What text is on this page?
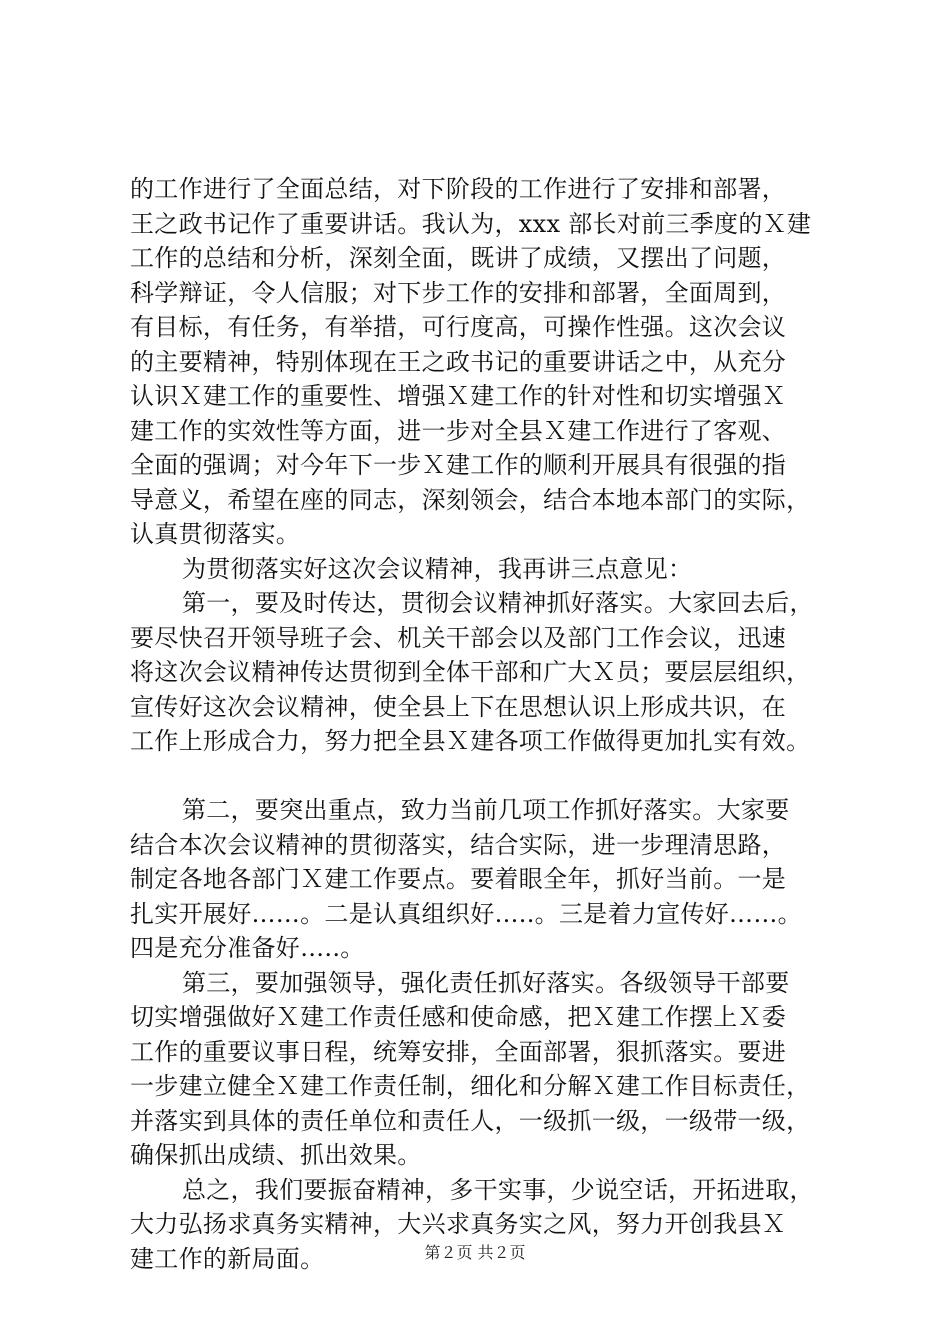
的工作进行了全面总结，对下阶段的工作进行了安排和部署，
王之政书记作了重要讲话。我认为，xxx 部长对前三季度的Ｘ建
工作的总结和分析，深刻全面，既讲了成绩，又摆出了问题，
科学辩证，令人信服；对下步工作的安排和部署，全面周到，
有目标，有任务，有举措，可行度高，可操作性强。这次会议
的主要精神，特别体现在王之政书记的重要讲话之中，从充分
认识Ｘ建工作的重要性、增强Ｘ建工作的针对性和切实增强Ｘ
建工作的实效性等方面，进一步对全县Ｘ建工作进行了客观、
全面的强调；对今年下一步Ｘ建工作的顺利开展具有很强的指
导意义，希望在座的同志，深刻领会，结合本地本部门的实际，
认真贯彻落实。
为贯彻落实好这次会议精神，我再讲三点意见：
第一，要及时传达，贯彻会议精神抓好落实。大家回去后，
要尽快召开领导班子会、机关干部会以及部门工作会议，迅速
将这次会议精神传达贯彻到全体干部和广大Ｘ员；要层层组织，
宣传好这次会议精神，使全县上下在思想认识上形成共识，在
工作上形成合力，努力把全县Ｘ建各项工作做得更加扎实有效。
第二，要突出重点，致力当前几项工作抓好落实。大家要
结合本次会议精神的贯彻落实，结合实际，进一步理清思路，
制定各地各部门Ｘ建工作要点。要着眼全年，抓好当前。一是
扎实开展好……。二是认真组织好…..。三是着力宣传好……。
四是充分准备好…..。
第三，要加强领导，强化责任抓好落实。各级领导干部要
切实增强做好Ｘ建工作责任感和使命感，把Ｘ建工作摆上Ｘ委
工作的重要议事日程，统筹安排，全面部署，狠抓落实。要进
一步建立健全Ｘ建工作责任制，细化和分解Ｘ建工作目标责任，
并落实到具体的责任单位和责任人，一级抓一级，一级带一级，
确保抓出成绩、抓出效果。
总之，我们要振奋精神，多干实事，少说空话，开拓进取，
大力弘扬求真务实精神，大兴求真务实之风，努力开创我县Ｘ
建工作的新局面。	第２页 共２页
